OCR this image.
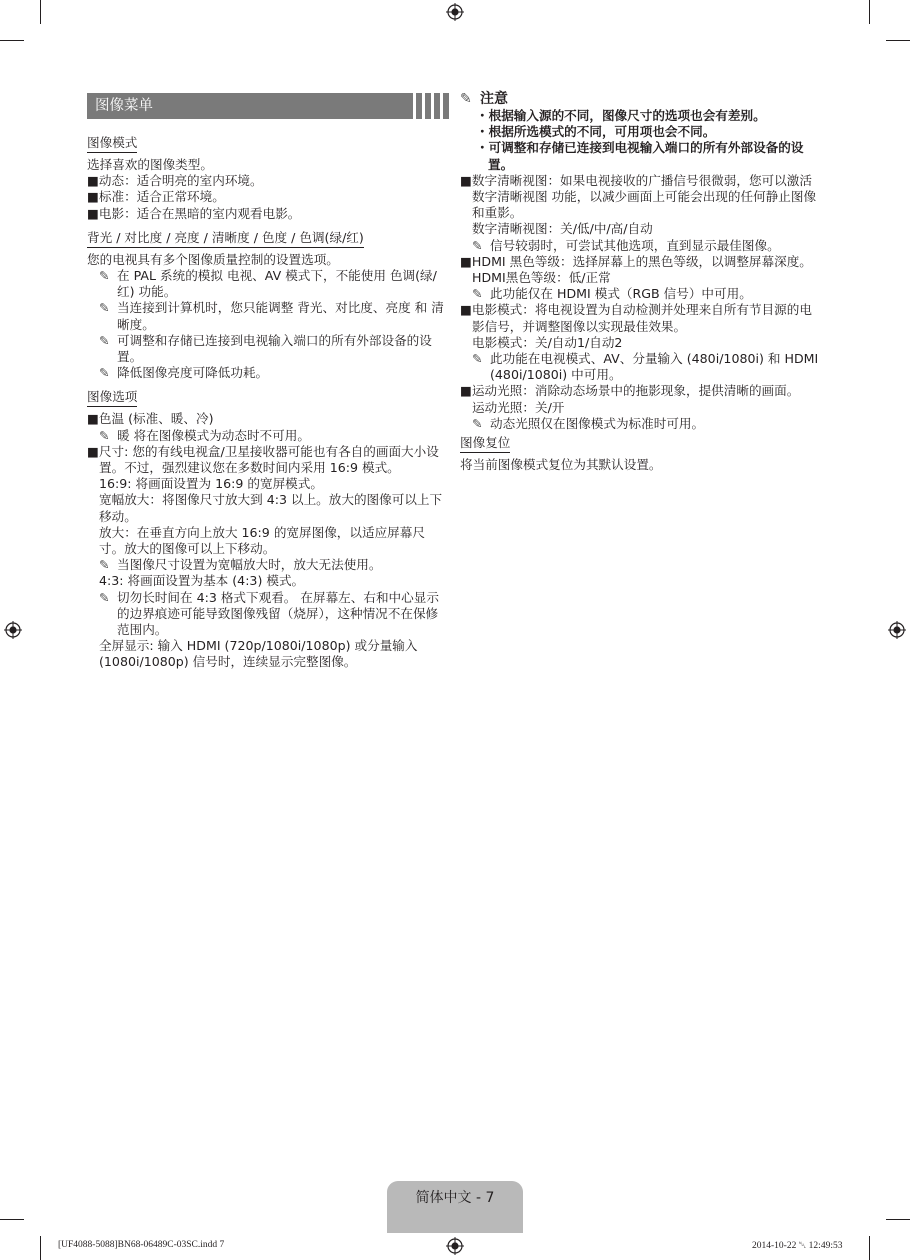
图像菜单
图像模式

选择喜欢的图像类型。

■动态：适合明亮的室内环境。

■标准：适合正常环境。

■电影：适合在黑暗的室内观看电影。

背光 / 对比度 / 亮度 / 清晰度 / 色度 / 色调(绿/红)

您的电视具有多个图像质量控制的设置选项。

✎ 在 PAL 系统的模拟 电视、AV 模式下，不能使用 色调(绿/红) 功能。

✎ 当连接到计算机时，您只能调整 背光、对比度、亮度 和 清晰度。

✎ 可调整和存储已连接到电视输入端口的所有外部设备的设置。

✎ 降低图像亮度可降低功耗。

图像选项

■色温 (标准、暖、冷)

✎ 暖 将在图像模式为动态时不可用。

■尺寸: 您的有线电视盒/卫星接收器可能也有各自的画面大小设置。不过，强烈建议您在多数时间内采用 16:9 模式。

16:9: 将画面设置为 16:9 的宽屏模式。

宽幅放大：将图像尺寸放大到 4:3 以上。放大的图像可以上下移动。

放大：在垂直方向上放大 16:9 的宽屏图像，以适应屏幕尺寸。放大的图像可以上下移动。

✎ 当图像尺寸设置为宽幅放大时，放大无法使用。

4:3: 将画面设置为基本 (4:3) 模式。

✎ 切勿长时间在 4:3 格式下观看。 在屏幕左、右和中心显示的边界痕迹可能导致图像残留（烧屏），这种情况不在保修范围内。

全屏显示: 输入 HDMI (720p/1080i/1080p) 或分量输入 (1080i/1080p) 信号时，连续显示完整图像。

✎ 注意

・根据输入源的不同，图像尺寸的选项也会有差别。

・根据所选模式的不同，可用项也会不同。

・可调整和存储已连接到电视输入端口的所有外部设备的设置。

■数字清晰视图：如果电视接收的广播信号很微弱，您可以激活 数字清晰视图 功能，以减少画面上可能会出现的任何静止图像和重影。

数字清晰视图：关/低/中/高/自动

✎ 信号较弱时，可尝试其他选项，直到显示最佳图像。

■HDMI 黑色等级：选择屏幕上的黑色等级，以调整屏幕深度。

HDMI黑色等级：低/正常

✎ 此功能仅在 HDMI 模式（RGB 信号）中可用。

■电影模式：将电视设置为自动检测并处理来自所有节目源的电影信号，并调整图像以实现最佳效果。

电影模式：关/自动1/自动2

✎ 此功能在电视模式、AV、分量输入 (480i/1080i) 和 HDMI (480i/1080i) 中可用。

■运动光照：消除动态场景中的拖影现象，提供清晰的画面。

运动光照：关/开

✎ 动态光照仅在图像模式为标准时可用。

图像复位

将当前图像模式复位为其默认设置。

简体中文 - 7
[UF4088-5088]BN68-06489C-03SC.indd 7	2014-10-22 ␀ 12:49:53
